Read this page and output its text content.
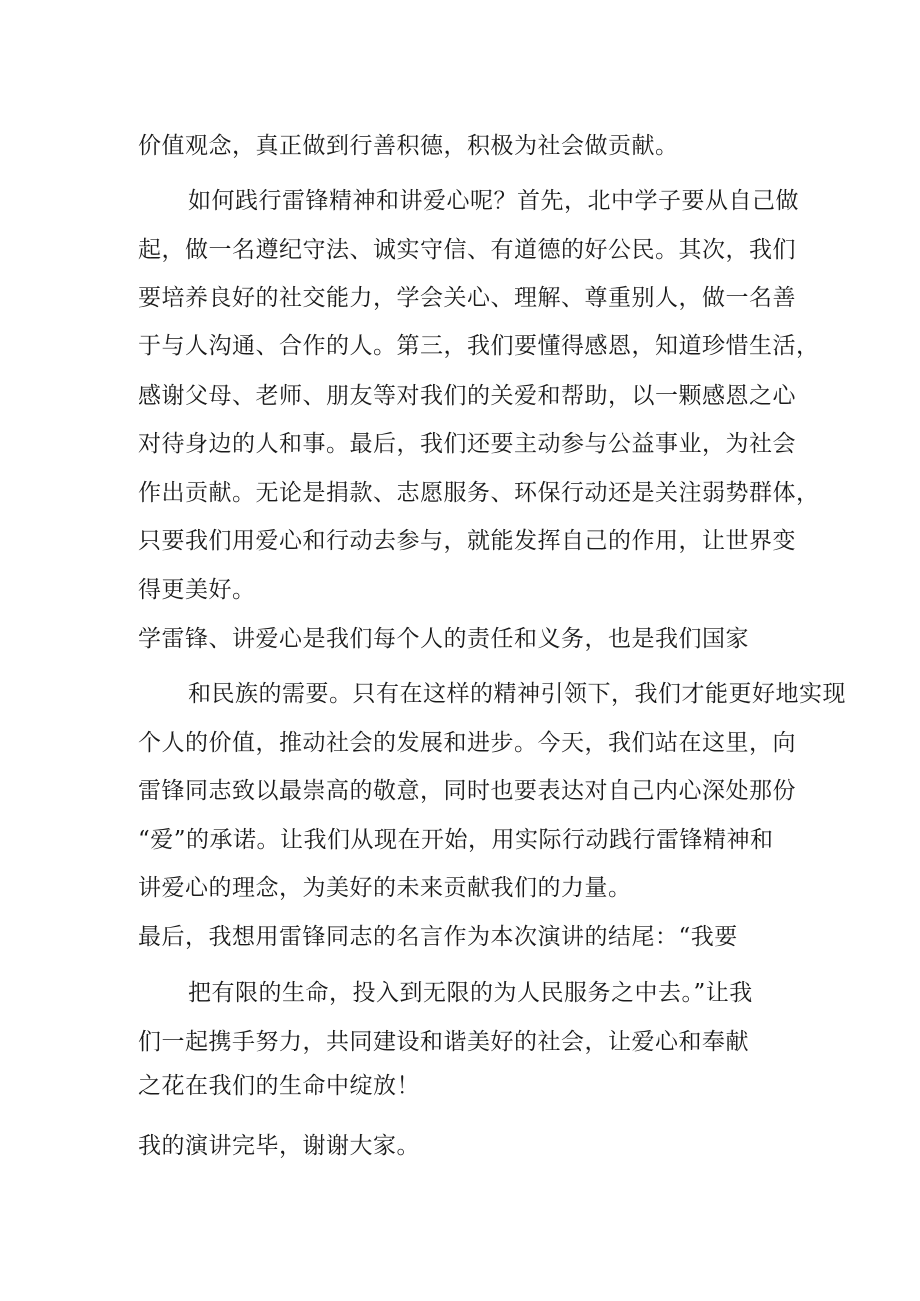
价值观念，真正做到行善积德，积极为社会做贡献。
如何践行雷锋精神和讲爱心呢？首先，北中学子要从自己做
起，做一名遵纪守法、诚实守信、有道德的好公民。其次，我们
要培养良好的社交能力，学会关心、理解、尊重别人，做一名善
于与人沟通、合作的人。第三，我们要懂得感恩，知道珍惜生活，
感谢父母、老师、朋友等对我们的关爱和帮助，以一颗感恩之心
对待身边的人和事。最后，我们还要主动参与公益事业，为社会
作出贡献。无论是捐款、志愿服务、环保行动还是关注弱势群体，
只要我们用爱心和行动去参与，就能发挥自己的作用，让世界变
得更美好。
学雷锋、讲爱心是我们每个人的责任和义务，也是我们国家
和民族的需要。只有在这样的精神引领下，我们才能更好地实现
个人的价值，推动社会的发展和进步。今天，我们站在这里，向
雷锋同志致以最崇高的敬意，同时也要表达对自己内心深处那份
“爱”的承诺。让我们从现在开始，用实际行动践行雷锋精神和
讲爱心的理念，为美好的未来贡献我们的力量。
最后，我想用雷锋同志的名言作为本次演讲的结尾：“我要
把有限的生命，投入到无限的为人民服务之中去。”让我
们一起携手努力，共同建设和谐美好的社会，让爱心和奉献
之花在我们的生命中绽放！
我的演讲完毕，谢谢大家。
